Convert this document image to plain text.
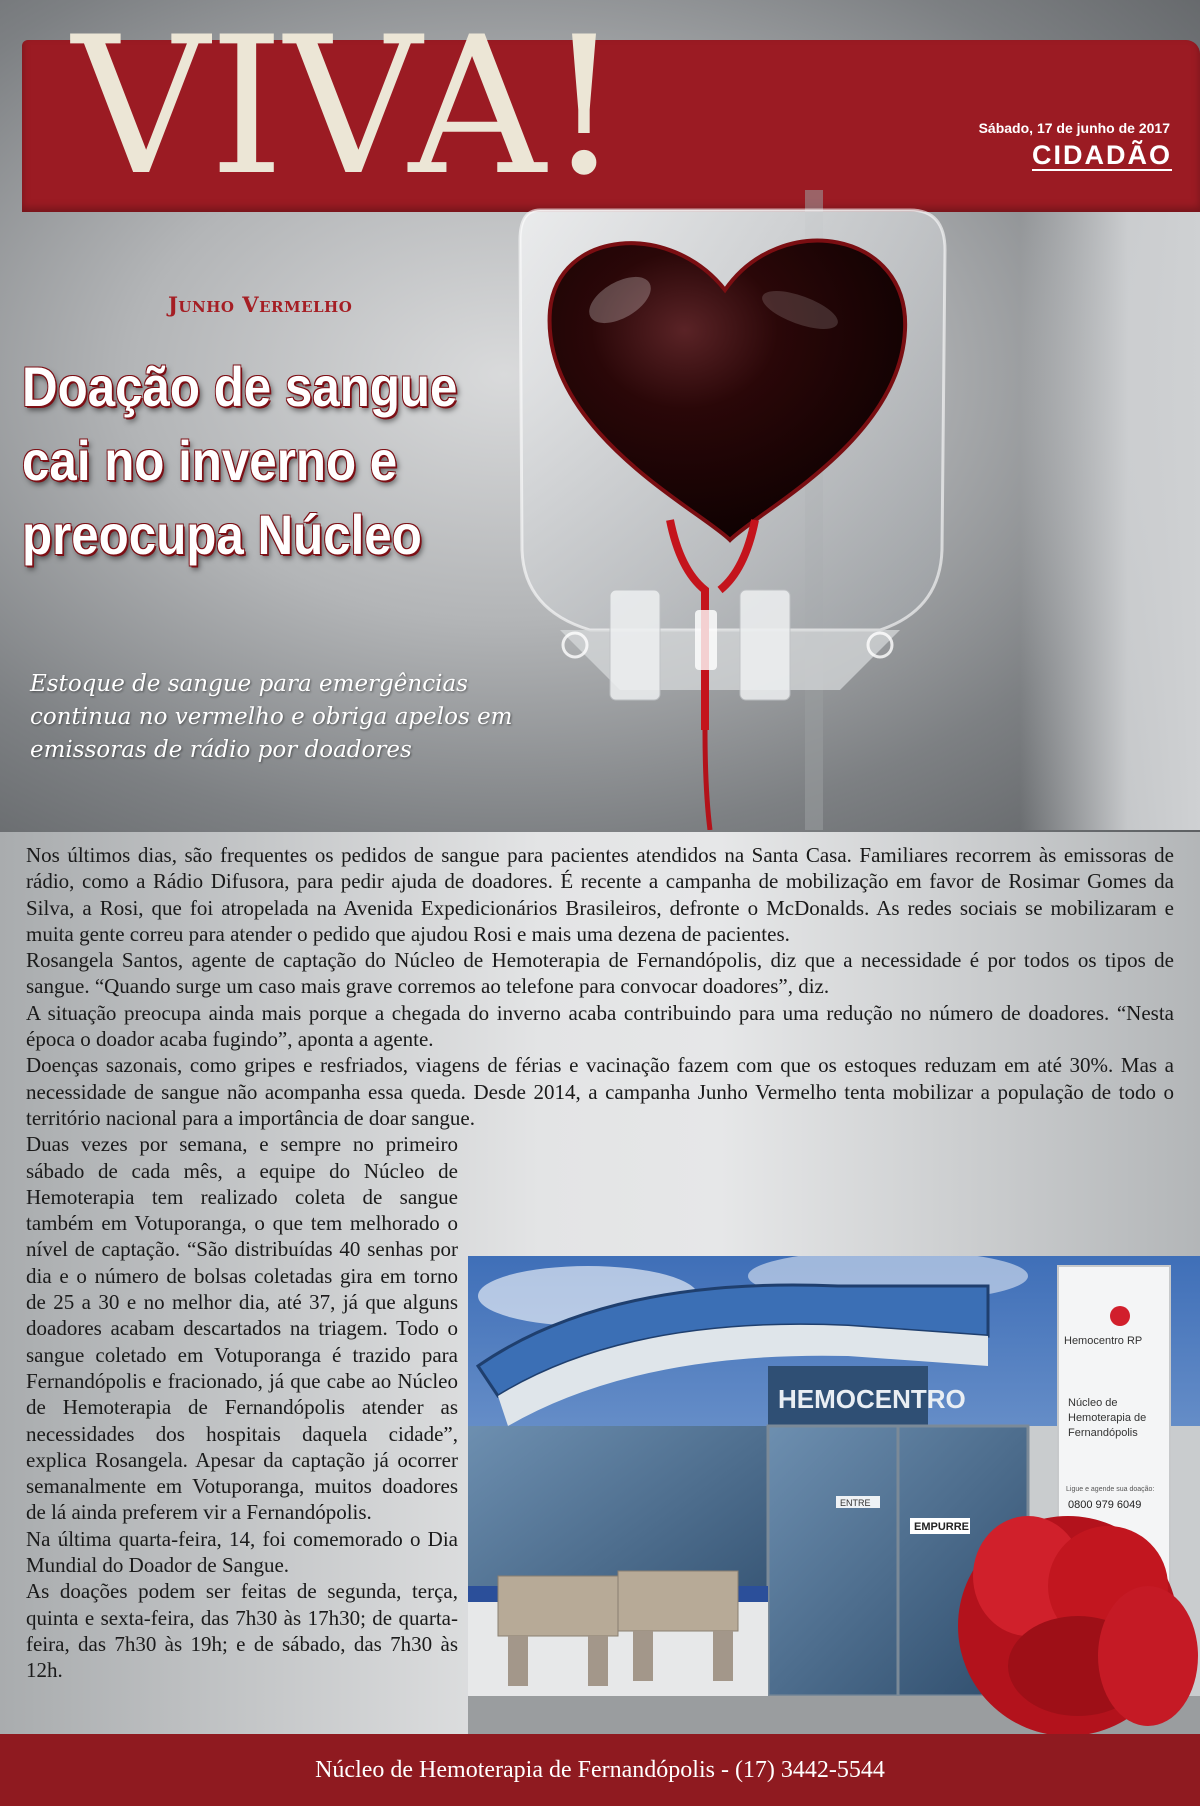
VIVA!	Sábado, 17 de junho de 2017
CIDADÃO
Junho Vermelho
Doação de sangue
cai no inverno e
preocupa Núcleo
Estoque de sangue para emergências continua no vermelho e obriga apelos em emissoras de rádio por doadores

Nos últimos dias, são frequentes os pedidos de sangue para pacientes atendidos na Santa Casa. Familiares recorrem às emissoras de rádio, como a Rádio Difusora, para pedir ajuda de doadores. É recente a campanha de mobilização em favor de Rosimar Gomes da Silva, a Rosi, que foi atropelada na Avenida Expedicionários Brasileiros, defronte o McDonalds. As redes sociais se mobilizaram e muita gente correu para atender o pedido que ajudou Rosi e mais uma dezena de pacientes.

Rosangela Santos, agente de captação do Núcleo de Hemoterapia de Fernandópolis, diz que a necessidade é por todos os tipos de sangue. “Quando surge um caso mais grave corremos ao telefone para convocar doadores”, diz.

A situação preocupa ainda mais porque a chegada do inverno acaba contribuindo para uma redução no número de doadores. “Nesta época o doador acaba fugindo”, aponta a agente.

Doenças sazonais, como gripes e resfriados, viagens de férias e vacinação fazem com que os estoques reduzam em até 30%. Mas a necessidade de sangue não acompanha essa queda. Desde 2014, a campanha Junho Vermelho tenta mobilizar a população de todo o território nacional para a importância de doar sangue.

Duas vezes por semana, e sempre no primeiro sábado de cada mês, a equipe do Núcleo de Hemoterapia tem realizado coleta de sangue também em Votuporanga, o que tem melhorado o nível de captação. “São distribuídas 40 senhas por dia e o número de bolsas coletadas gira em torno de 25 a 30 e no melhor dia, até 37, já que alguns doadores acabam descartados na triagem. Todo o sangue coletado em Votuporanga é trazido para Fernandópolis e fracionado, já que cabe ao Núcleo de Hemoterapia de Fernandópolis atender as necessidades dos hospitais daquela cidade”, explica Rosangela. Apesar da captação já ocorrer semanalmente em Votuporanga, muitos doadores de lá ainda preferem vir a Fernandópolis.

Na última quarta-feira, 14, foi comemorado o Dia Mundial do Doador de Sangue.

As doações podem ser feitas de segunda, terça, quinta e sexta-feira, das 7h30 às 17h30; de quarta-feira, das 7h30 às 19h; e de sábado, das 7h30 às 12h.

HEMOCENTRO
ENTRE
EMPURRE
Hemocentro RP
Núcleo de Hemoterapia de Fernandópolis
Ligue e agende sua doação:
0800 979 6049
Núcleo de Hemoterapia de Fernandópolis - (17) 3442-5544
